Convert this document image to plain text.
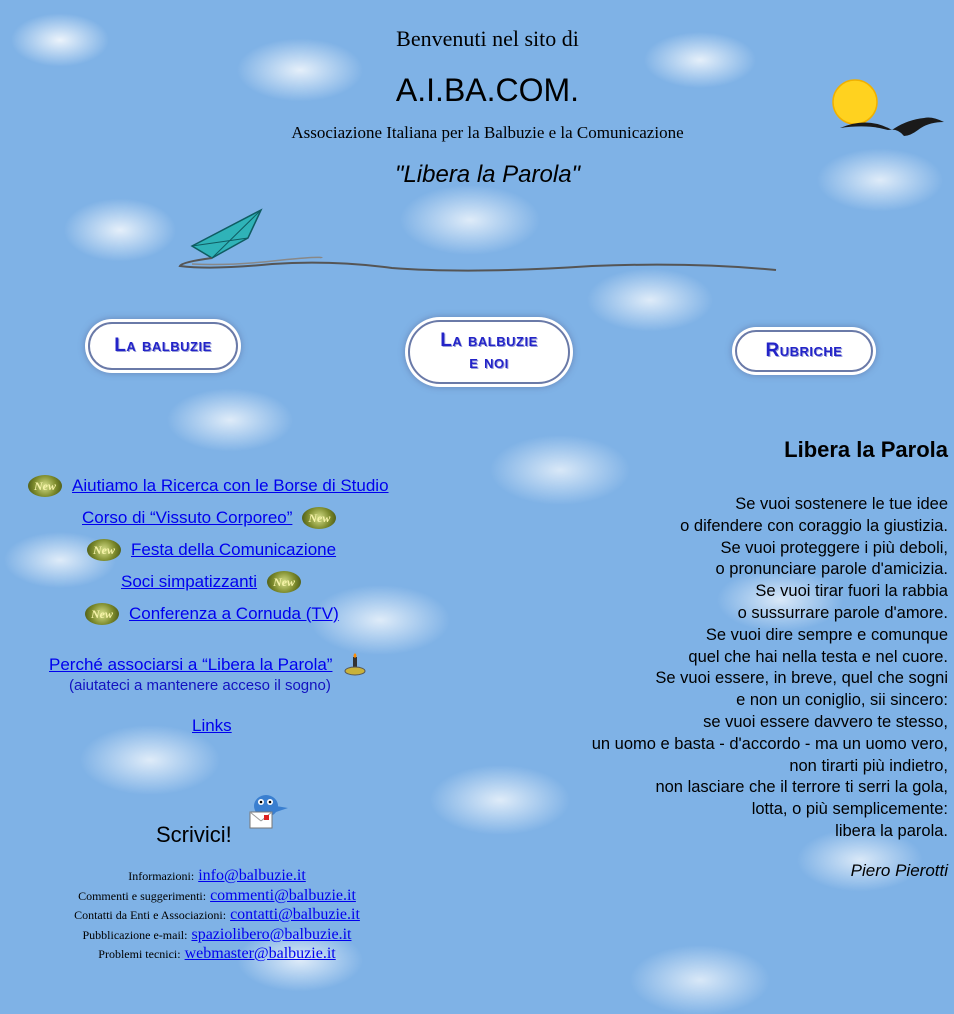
Benvenuti nel sito di
A.I.BA.COM.
Associazione Italiana per la Balbuzie e la Comunicazione
"Libera la Parola"
La balbuzie	La balbuzie
e noi
Rubriche
New Aiutiamo la Ricerca con le Borse di Studio
Corso di “Vissuto Corporeo”	New
New Festa della Comunicazione
Soci simpatizzanti	New
New Conferenza a Cornuda (TV)
Perché associarsi a “Libera la Parola”
(aiutateci a mantenere acceso il sogno)
Links
Scrivici!
Informazioni: info@balbuzie.it
Commenti e suggerimenti: commenti@balbuzie.it
Contatti da Enti e Associazioni: contatti@balbuzie.it
Pubblicazione e-mail: spaziolibero@balbuzie.it
Problemi tecnici: webmaster@balbuzie.it
Libera la Parola
Se vuoi sostenere le tue idee
o difendere con coraggio la giustizia.
Se vuoi proteggere i più deboli,
o pronunciare parole d'amicizia.
Se vuoi tirar fuori la rabbia
o sussurrare parole d'amore.
Se vuoi dire sempre e comunque
quel che hai nella testa e nel cuore.
Se vuoi essere, in breve, quel che sogni
e non un coniglio, sii sincero:
se vuoi essere davvero te stesso,
un uomo e basta - d'accordo - ma un uomo vero,
non tirarti più indietro,
non lasciare che il terrore ti serri la gola,
lotta, o più semplicemente:
libera la parola.
Piero Pierotti
